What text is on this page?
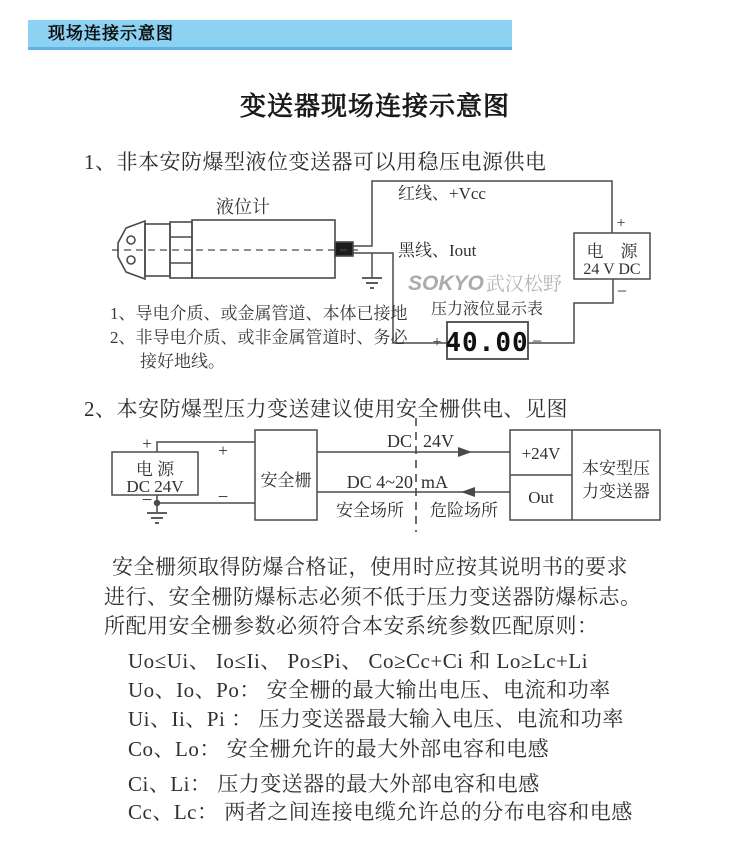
现场连接示意图
变送器现场连接示意图
1、非本安防爆型液位变送器可以用稳压电源供电
2、本安防爆型压力变送建议使用安全栅供电、见图
液位计
红线、+Vcc
黑线、Iout	电　源
24 V DC
+
−
SOKYO 武汉松野
压力液位显示表
40.00
+	−
电 源
DC 24V
+
−
+
−
安全栅
DC 24V
DC 4~20 mA
安全场所 危险场所
+24V
Out
本安型压
力变送器
1、导电介质、或金属管道、本体已接地
2、非导电介质、或非金属管道时、务必
接好地线。
安全栅须取得防爆合格证，使用时应按其说明书的要求
进行、安全栅防爆标志必须不低于压力变送器防爆标志。
所配用安全栅参数必须符合本安系统参数匹配原则：
Uo≤Ui、 Io≤Ii、 Po≤Pi、 Co≥Cc+Ci 和 Lo≥Lc+Li
Uo、Io、Po： 安全栅的最大输出电压、电流和功率
Ui、Ii、Pi ： 压力变送器最大输入电压、电流和功率
Co、Lo： 安全栅允许的最大外部电容和电感
Ci、Li： 压力变送器的最大外部电容和电感
Cc、Lc： 两者之间连接电缆允许总的分布电容和电感
